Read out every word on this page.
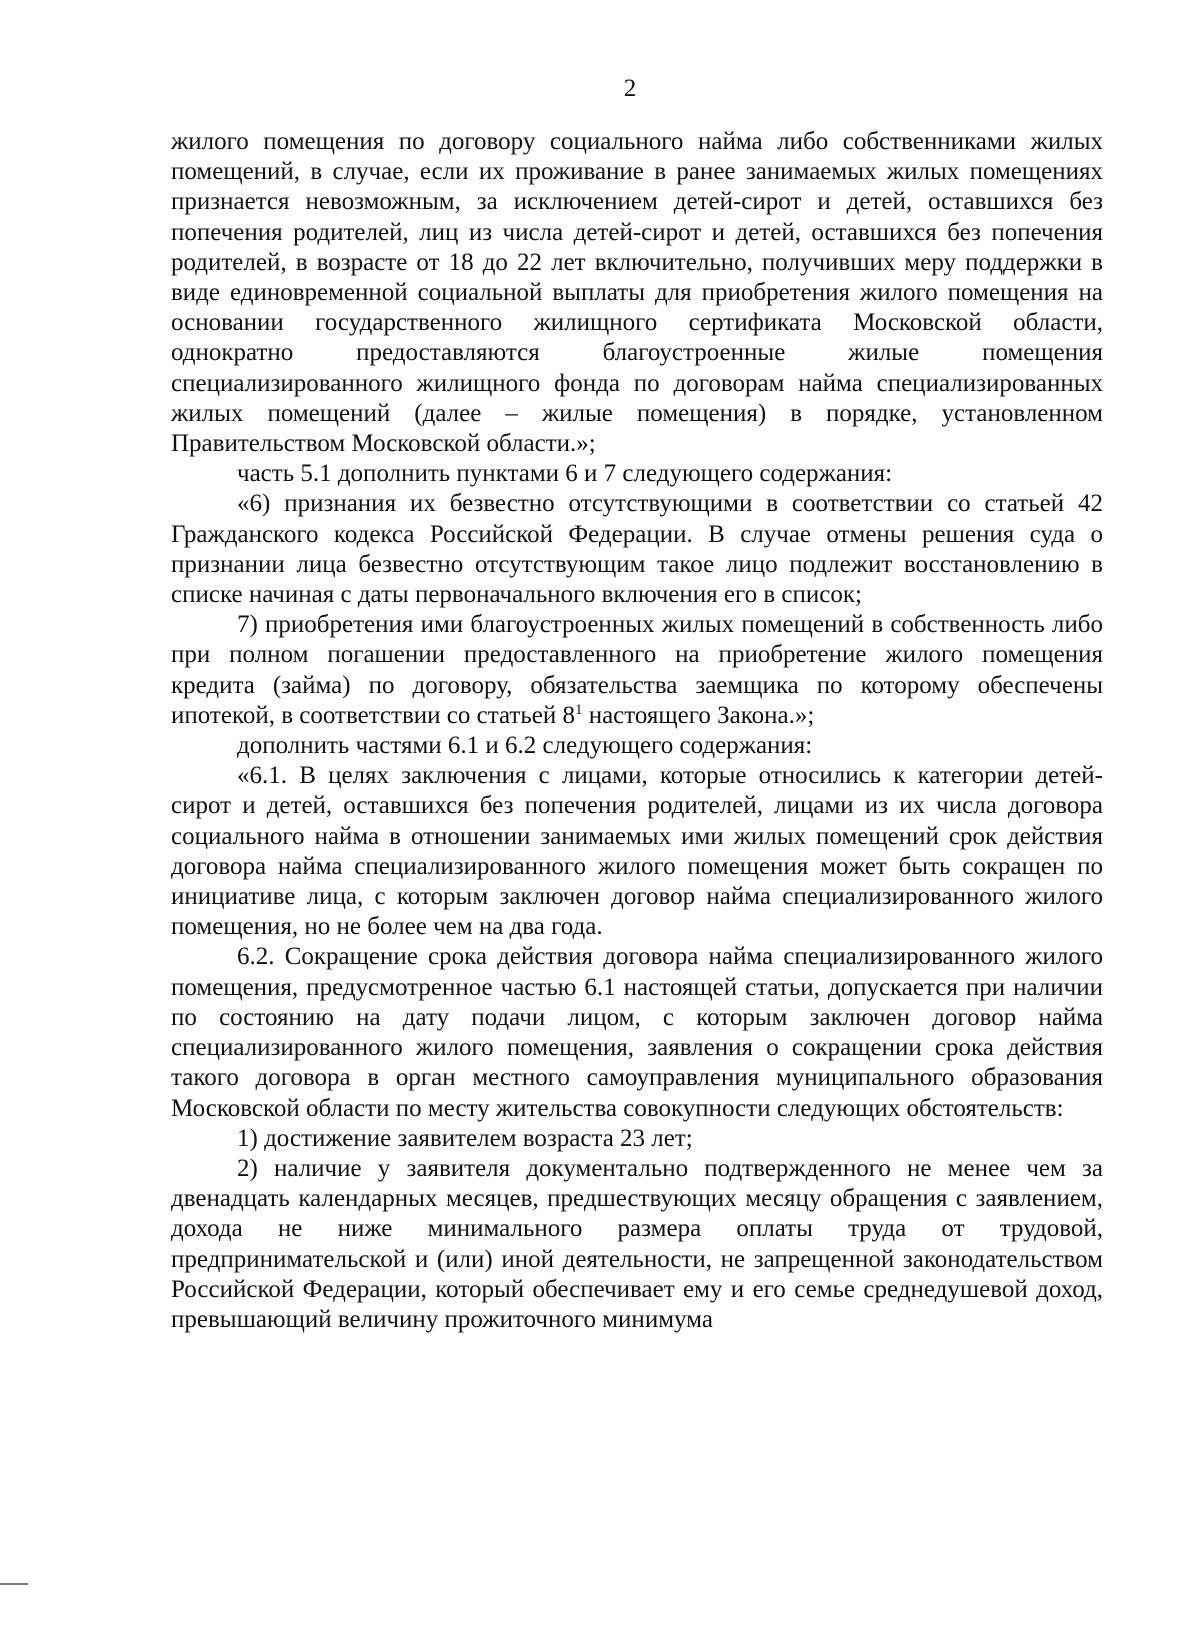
2

жилого помещения по договору социального найма либо собственниками жилых помещений, в случае, если их проживание в ранее занимаемых жилых помещениях признается невозможным, за исключением детей-сирот и детей, оставшихся без попечения родителей, лиц из числа детей-сирот и детей, оставшихся без попечения родителей, в возрасте от 18 до 22 лет включительно, получивших меру поддержки в виде единовременной социальной выплаты для приобретения жилого помещения на основании государственного жилищного сертификата Московской области, однократно предоставляются благоустроенные жилые помещения специализированного жилищного фонда по договорам найма специализированных жилых помещений (далее – жилые помещения) в порядке, установленном Правительством Московской области.»;

часть 5.1 дополнить пунктами 6 и 7 следующего содержания:

«6) признания их безвестно отсутствующими в соответствии со статьей 42 Гражданского кодекса Российской Федерации. В случае отмены решения суда о признании лица безвестно отсутствующим такое лицо подлежит восстановлению в списке начиная с даты первоначального включения его в список;

7) приобретения ими благоустроенных жилых помещений в собственность либо при полном погашении предоставленного на приобретение жилого помещения кредита (займа) по договору, обязательства заемщика по которому обеспечены ипотекой, в соответствии со статьей $8^1$ настоящего Закона.»;

дополнить частями 6.1 и 6.2 следующего содержания:

«6.1. В целях заключения с лицами, которые относились к категории детей-сирот и детей, оставшихся без попечения родителей, лицами из их числа договора социального найма в отношении занимаемых ими жилых помещений срок действия договора найма специализированного жилого помещения может быть сокращен по инициативе лица, с которым заключен договор найма специализированного жилого помещения, но не более чем на два года.

6.2. Сокращение срока действия договора найма специализированного жилого помещения, предусмотренное частью 6.1 настоящей статьи, допускается при наличии по состоянию на дату подачи лицом, с которым заключен договор найма специализированного жилого помещения, заявления о сокращении срока действия такого договора в орган местного самоуправления муниципального образования Московской области по месту жительства совокупности следующих обстоятельств:

1) достижение заявителем возраста 23 лет;

2) наличие у заявителя документально подтвержденного не менее чем за двенадцать календарных месяцев, предшествующих месяцу обращения с заявлением, дохода не ниже минимального размера оплаты труда от трудовой, предпринимательской и (или) иной деятельности, не запрещенной законодательством Российской Федерации, который обеспечивает ему и его семье среднедушевой доход, превышающий величину прожиточного минимума
